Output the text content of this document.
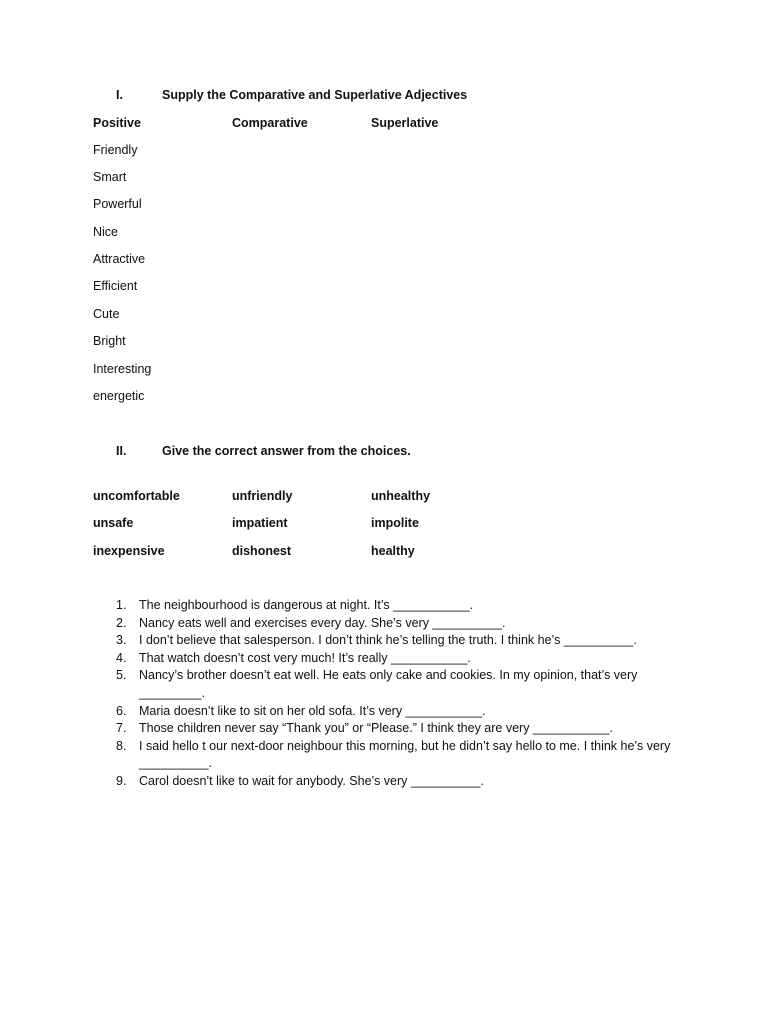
I.	Supply the Comparative and Superlative Adjectives
Positive	Comparative	Superlative
Friendly
Smart
Powerful
Nice
Attractive
Efficient
Cute
Bright
Interesting
energetic
II.	Give the correct answer from the choices.
uncomfortable	unfriendly	unhealthy
unsafe	impatient	impolite
inexpensive	dishonest	healthy
1.	The neighbourhood is dangerous at night. It’s ___________.
2.	Nancy eats well and exercises every day. She’s very __________.
3.	I don’t believe that salesperson. I don’t think he’s telling the truth. I think he’s __________.
4.	That watch doesn’t cost very much! It’s really ___________.
5.	Nancy’s brother doesn’t eat well. He eats only cake and cookies. In my opinion, that’s very _________.
6.	Maria doesn’t like to sit on her old sofa. It’s very ___________.
7.	Those children never say “Thank you” or “Please.” I think they are very ___________.
8.	I said hello t our next-door neighbour this morning, but he didn’t say hello to me. I think he’s very __________.
9.	Carol doesn’t like to wait for anybody. She’s very __________.
